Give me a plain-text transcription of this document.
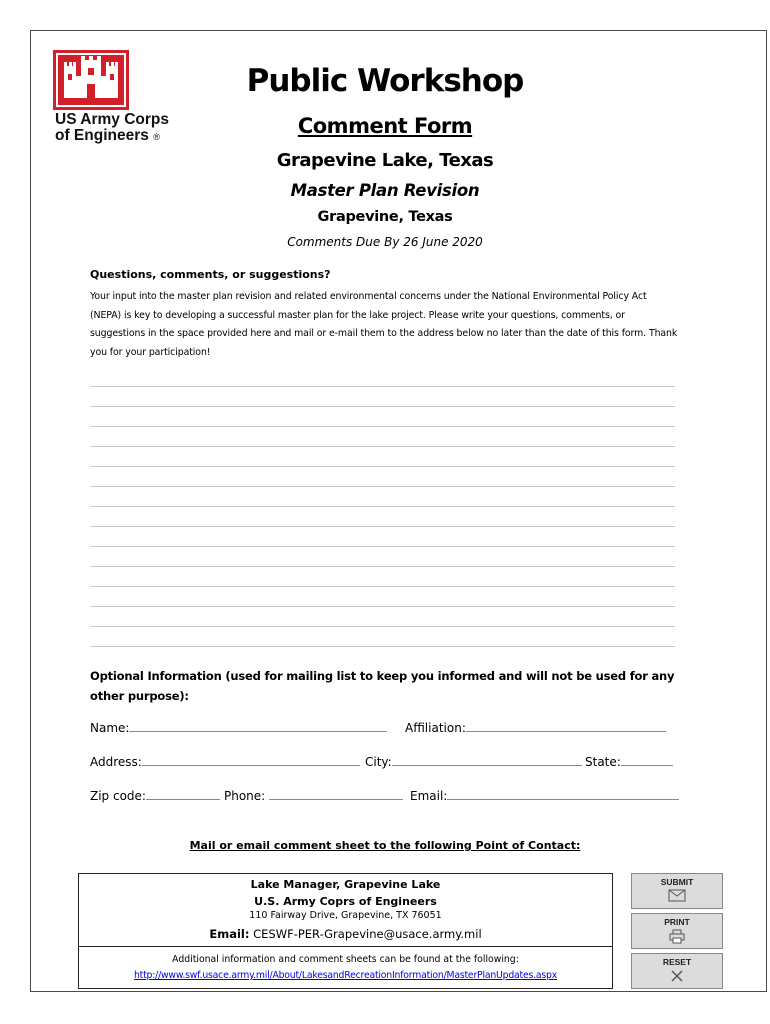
US Army Corps
of Engineers ®
Public Workshop
Comment Form
Grapevine Lake, Texas
Master Plan Revision
Grapevine, Texas
Comments Due By 26 June 2020
Questions, comments, or suggestions?
Your input into the master plan revision and related environmental concerns under the National Environmental Policy Act (NEPA) is key to developing a successful master plan for the lake project. Please write your questions, comments, or suggestions in the space provided here and mail or e-mail them to the address below no later than the date of this form. Thank you for your participation!
Optional Information (used for mailing list to keep you informed and will not be used for any other purpose):
Name:	Affiliation:
Address:	City:	State:
Zip code:	Phone:	Email:
Mail or email comment sheet to the following Point of Contact:
Lake Manager, Grapevine Lake
U.S. Army Coprs of Engineers
110 Fairway Drive, Grapevine, TX 76051
Email: CESWF-PER-Grapevine@usace.army.mil
Additional information and comment sheets can be found at the following:
http://www.swf.usace.army.mil/About/LakesandRecreationInformation/MasterPlanUpdates.aspx
SUBMIT
PRINT
RESET
